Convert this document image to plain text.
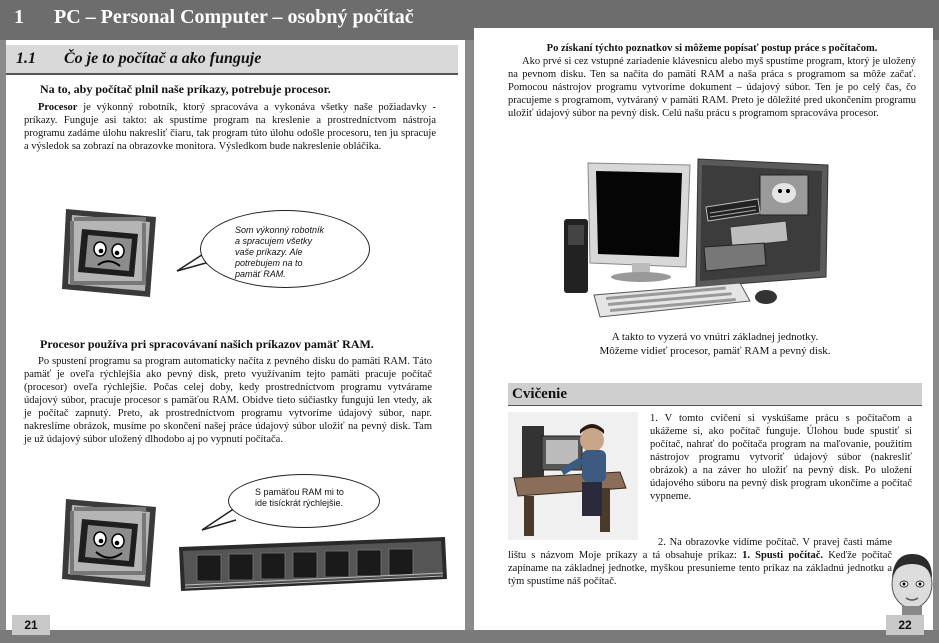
1 PC – Personal Computer – osobný počítač
1.1 Čo je to počítač a ako funguje
Na to, aby počítač plnil naše príkazy, potrebuje procesor.
Procesor je výkonný robotník, ktorý spracováva a vykonáva všetky naše požiadavky - príkazy. Funguje asi takto: ak spustíme program na kreslenie a prostredníctvom nástroja programu zadáme úlohu nakresliť čiaru, tak program túto úlohu odošle procesoru, ten ju spracuje a výsledok sa zobrazí na obrazovke monitora. Výsledkom bude nakreslenie obláčika.
Som výkonný robotník a spracujem všetky vaše príkazy. Ale potrebujem na to pamäť RAM.
Procesor používa pri spracovávaní našich príkazov pamäť RAM.
Po spustení programu sa program automaticky načíta z pevného disku do pamäti RAM. Táto pamäť je oveľa rýchlejšia ako pevný disk, preto využívaním tejto pamäti pracuje počítač (procesor) oveľa rýchlejšie. Počas celej doby, kedy prostredníctvom programu vytvárame údajový súbor, pracuje procesor s pamäťou RAM. Obidve tieto súčiastky fungujú len vtedy, ak je počítač zapnutý. Preto, ak prostredníctvom programu vytvoríme údajový súbor, napr. nakreslíme obrázok, musíme po skončení našej práce údajový súbor uložiť na pevný disk. Tam je už údajový súbor uložený dlhodobo aj po vypnutí počítača.
S pamäťou RAM mi to ide tisíckrát rýchlejšie.
21
Po získaní týchto poznatkov si môžeme popísať postup práce s počítačom.
Ako prvé si cez vstupné zariadenie klávesnicu alebo myš spustíme program, ktorý je uložený na pevnom disku. Ten sa načíta do pamäti RAM a naša práca s programom sa môže začať. Pomocou nástrojov programu vytvoríme dokument – údajový súbor. Ten je po celý čas, čo pracujeme s programom, vytváraný v pamäti RAM. Preto je dôležité pred ukončením programu uložiť údajový súbor na pevný disk. Celú našu prácu s programom spracováva procesor.
A takto to vyzerá vo vnútri základnej jednotky.
Môžeme vidieť procesor, pamäť RAM a pevný disk.
Cvičenie
1. V tomto cvičení si vyskúšame prácu s počítačom a ukážeme si, ako počítač funguje. Úlohou bude spustiť si počítač, nahrať do počítača program na maľovanie, použitím nástrojov programu vytvoriť údajový súbor (nakresliť obrázok) a na záver ho uložiť na pevný disk. Po uložení údajového súboru na pevný disk program ukončíme a počítač vypneme.
2. Na obrazovke vidíme počítač. V pravej časti máme lištu s názvom Moje príkazy a tá obsahuje príkaz: 1. Spusti počítač. Keďže počítač zapíname na základnej jednotke, myškou presunieme tento príkaz na základnú jednotku a tým spustíme náš počítač.
22
